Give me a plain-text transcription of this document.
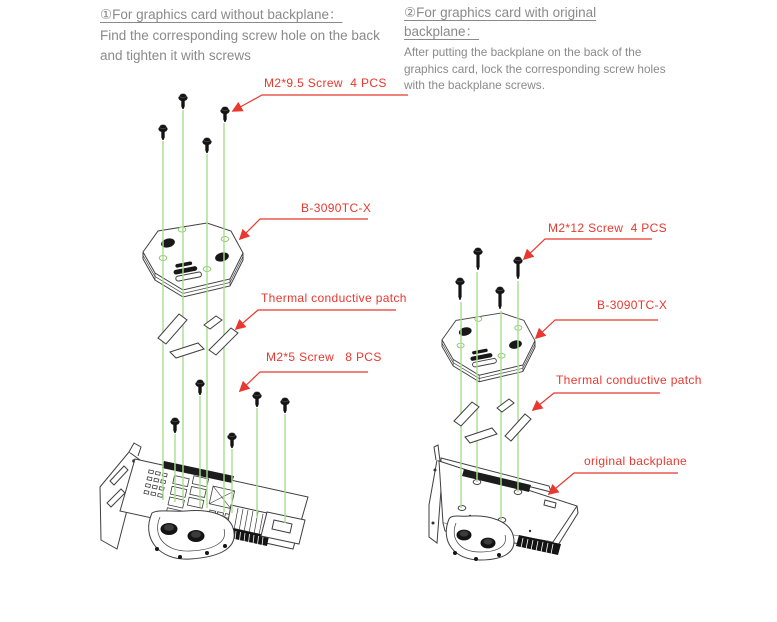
①For graphics card without backplane：
Find the corresponding screw hole on the back and tighten it with screws
②For graphics card with original backplane：
After putting the backplane on the back of the graphics card, lock the corresponding screw holes with the backplane screws.
M2*9.5 Screw  4 PCS
B-3090TC-X
Thermal conductive patch
M2*5 Screw   8 PCS
M2*12 Screw  4 PCS
B-3090TC-X
Thermal conductive patch
original backplane
